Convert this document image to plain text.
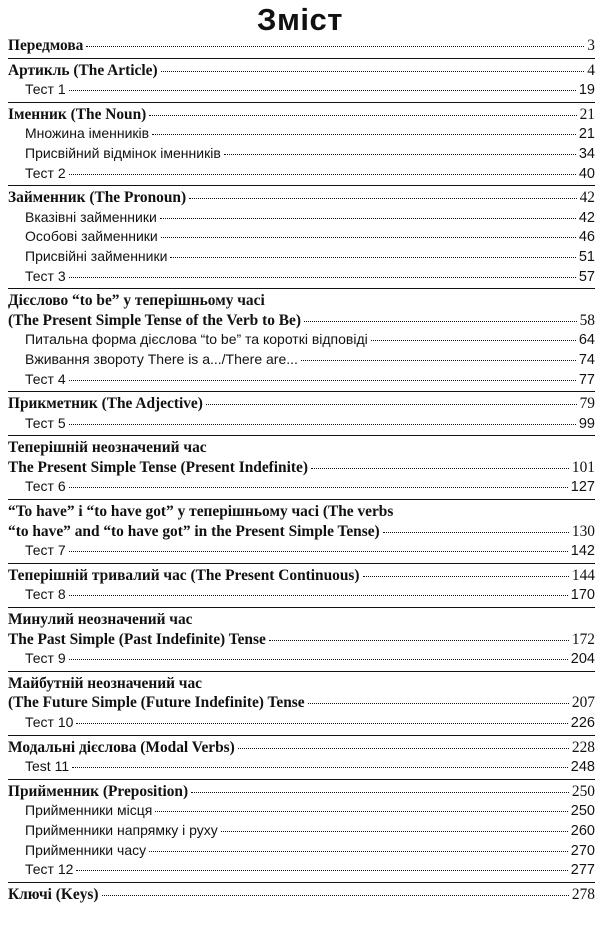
Зміст
Передмова	3
Артикль (The Article)	4
Тест 1	19
Іменник (The Noun)	21
Множина іменників	21
Присвійний відмінок іменників	34
Тест 2	40
Займенник (The Pronoun)	42
Вказівні займенники	42
Особові займенники	46
Присвійні займенники	51
Тест 3	57
Дієслово “to be” у теперішньому часі
(The Present Simple Tense of the Verb to Be)	58
Питальна форма дієслова “to be” та короткі відповіді	64
Вживання звороту There is a.../There are...	74
Тест 4	77
Прикметник (The Adjective)	79
Тест 5	99
Теперішній неозначений час
The Present Simple Tense (Present Indefinite)	101
Тест 6	127
“To have” і “to have got” у теперішньому часі (The verbs
“to have” and “to have got” in the Present Simple Tense)	130
Тест 7	142
Теперішній тривалий час (The Present Continuous)	144
Тест 8	170
Минулий неозначений час
The Past Simple (Past Indefinite) Tense	172
Тест 9	204
Майбутній неозначений час
(The Future Simple (Future Indefinite) Tense	207
Тест 10	226
Модальні дієслова (Modal Verbs)	228
Test 11	248
Прийменник (Preposition)	250
Прийменники місця	250
Прийменники напрямку і руху	260
Прийменники часу	270
Тест 12	277
Ключі (Keys)	278
